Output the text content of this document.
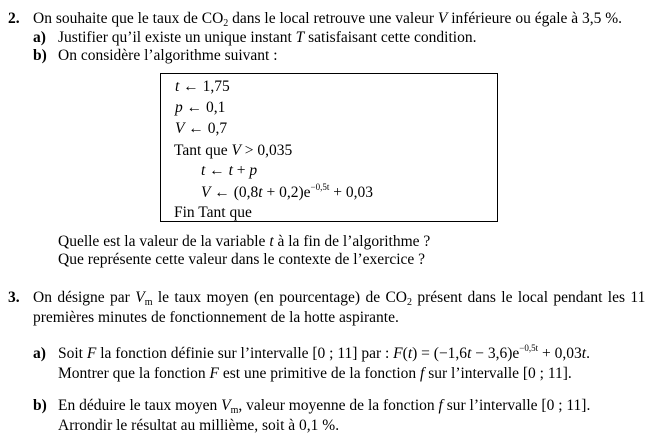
2. On souhaite que le taux de $CO_2$ dans le local retrouve une valeur V inférieure ou égale à 3,5 %.
a) Justifier qu’il existe un unique instant T satisfaisant cette condition.
b) On considère l’algorithme suivant :
t ← 1,75
p ← 0,1
V ← 0,7
Tant que V > 0,035
t ← t + p
V ← $(0,8t + 0,2)e^{-0,5t} + 0,03$
Fin Tant que
Quelle est la valeur de la variable t à la fin de l’algorithme ?
Que représente cette valeur dans le contexte de l’exercice ?
3. On désigne par $V_m$ le taux moyen (en pourcentage) de $CO_2$ présent dans le local pendant les 11
premières minutes de fonctionnement de la hotte aspirante.
a) Soit F la fonction définie sur l’intervalle [0 ; 11] par : $F(t) = (-1,6t - 3,6)e^{-0,5t} + 0,03t$.
Montrer que la fonction F est une primitive de la fonction f sur l’intervalle [0 ; 11].
b) En déduire le taux moyen $V_m$, valeur moyenne de la fonction f sur l’intervalle [0 ; 11].
Arrondir le résultat au millième, soit à 0,1 %.
